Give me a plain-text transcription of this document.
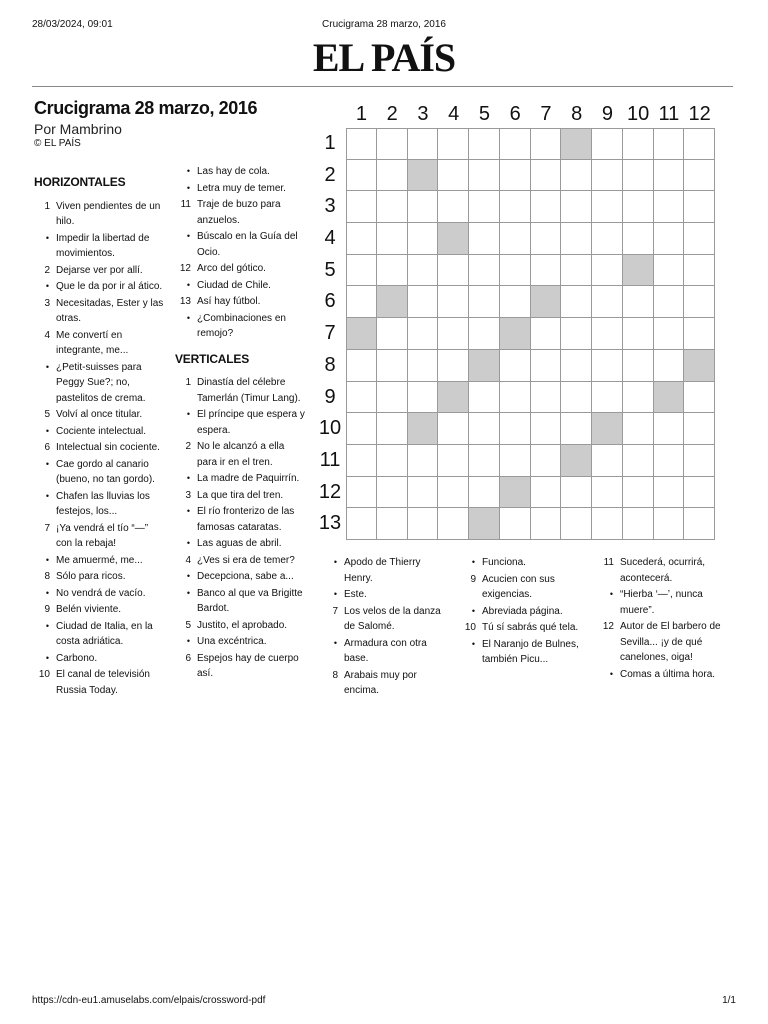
28/03/2024, 09:01	Crucigrama 28 marzo, 2016
EL PAÍS
Crucigrama 28 marzo, 2016
Por Mambrino
© EL PAÍS
HORIZONTALES
1 Viven pendientes de un hilo.
• Impedir la libertad de movimientos.
2 Dejarse ver por allí.
• Que le da por ir al ático.
3 Necesitadas, Ester y las otras.
4 Me convertí en integrante, me...
• ¿Petit-suisses para Peggy Sue?; no, pastelitos de crema.
5 Volví al once titular.
• Cociente intelectual.
6 Intelectual sin cociente.
• Cae gordo al canario (bueno, no tan gordo).
• Chafen las lluvias los festejos, los...
7 ¡Ya vendrá el tío “—” con la rebaja!
• Me amuermé, me...
8 Sólo para ricos.
• No vendrá de vacío.
9 Belén viviente.
• Ciudad de Italia, en la costa adriática.
• Carbono.
10 El canal de televisión Russia Today.
• Las hay de cola.
• Letra muy de temer.
11 Traje de buzo para anzuelos.
• Búscalo en la Guía del Ocio.
12 Arco del gótico.
• Ciudad de Chile.
13 Así hay fútbol.
• ¿Combinaciones en remojo?
VERTICALES
1 Dinastía del célebre Tamerlán (Timur Lang).
• El príncipe que espera y espera.
2 No le alcanzó a ella para ir en el tren.
• La madre de Paquirrín.
3 La que tira del tren.
• El río fronterizo de las famosas cataratas.
• Las aguas de abril.
4 ¿Ves si era de temer?
• Decepciona, sabe a...
• Banco al que va Brigitte Bardot.
5 Justito, el aprobado.
• Una excéntrica.
6 Espejos hay de cuerpo así.
• Apodo de Thierry Henry.
• Este.
7 Los velos de la danza de Salomé.
• Armadura con otra base.
8 Arabais muy por encima.
• Funciona.
9 Acucien con sus exigencias.
• Abreviada página.
10 Tú sí sabrás qué tela.
• El Naranjo de Bulnes, también Picu...
11 Sucederá, ocurrirá, acontecerá.
• “Hierba ‘—’, nunca muere”.
12 Autor de El barbero de Sevilla... ¡y de qué canelones, oiga!
• Comas a última hora.
1 2 3 4 5 6 7 8 9 10 11 12
1
2
3
4
5
6
7
8
9
10
11
12
13
https://cdn-eu1.amuselabs.com/elpais/crossword-pdf	1/1
